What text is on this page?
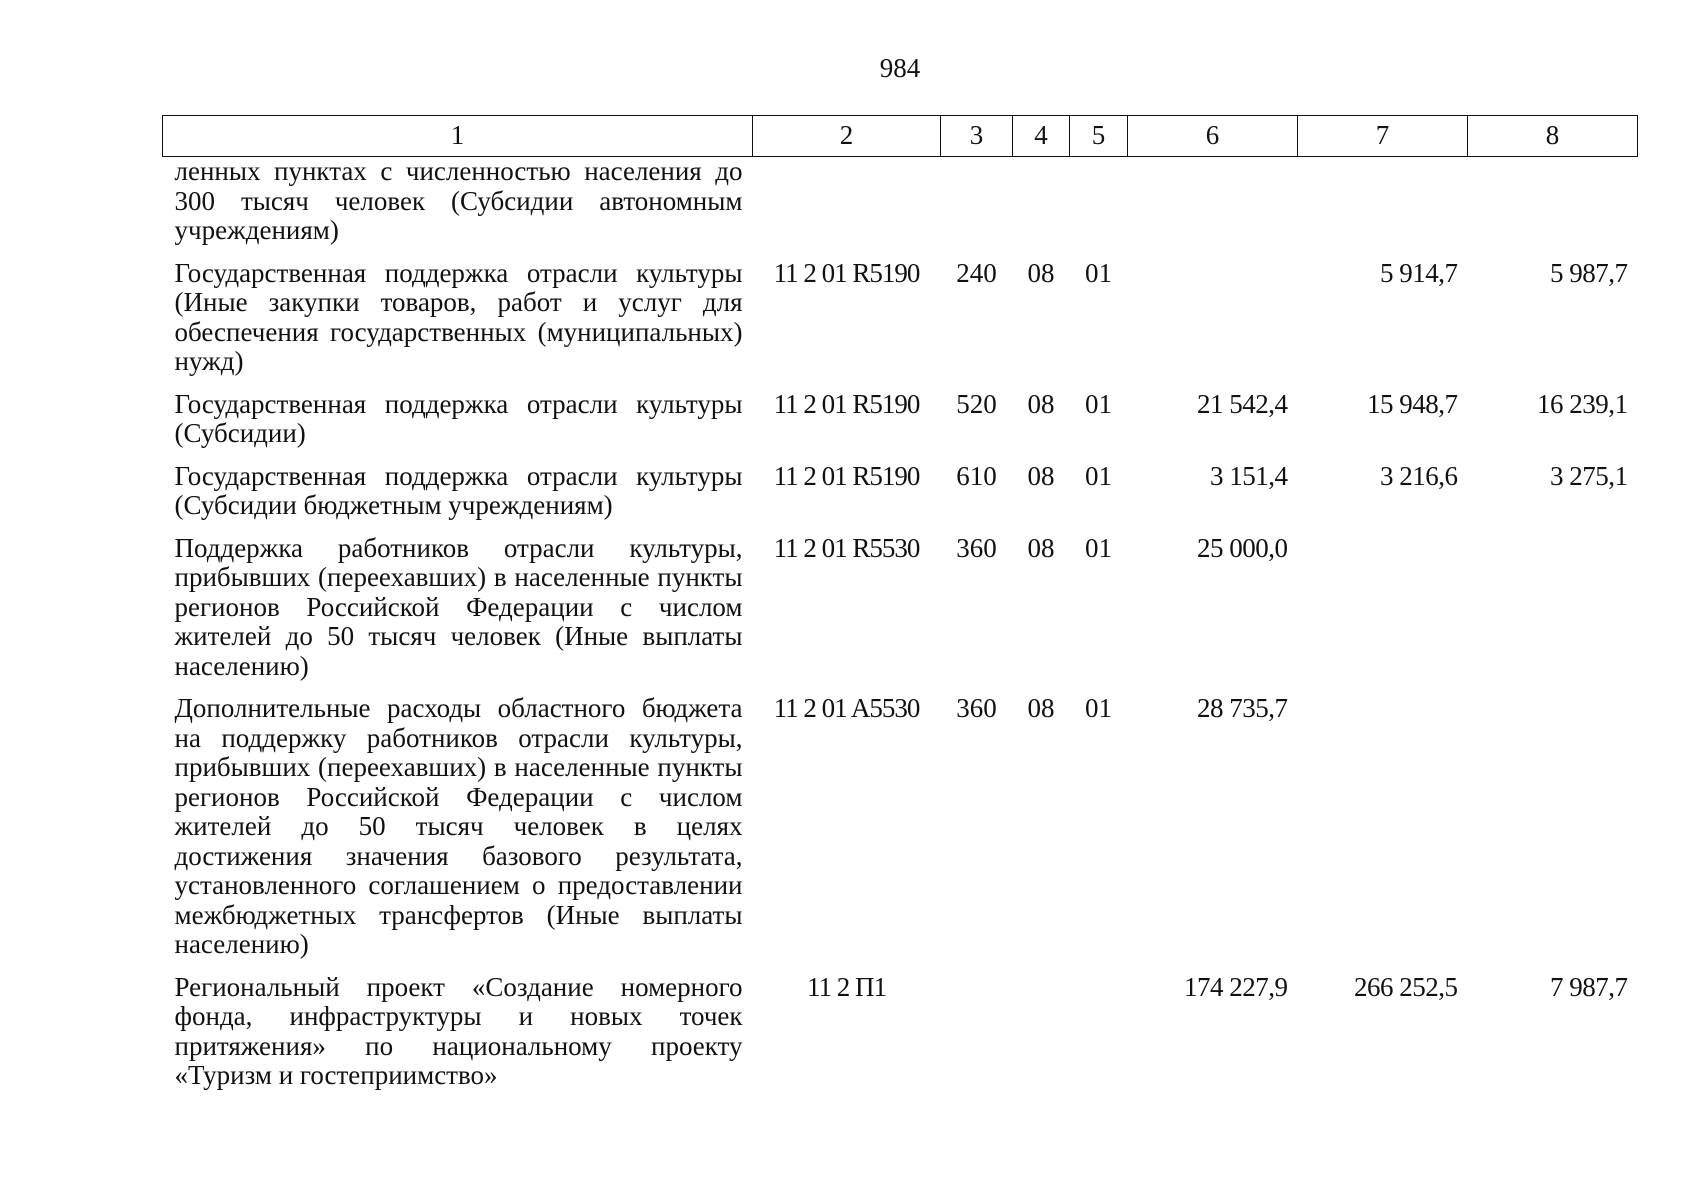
984
1	2	3	4	5	6	7	8
ленных пунктах с численностью населения до 300 тысяч человек (Субсидии автономным учреждениям)							
Государственная поддержка отрасли культуры (Иные закупки товаров, работ и услуг для обеспечения государственных (муниципальных) нужд)	11 2 01 R5190	240	08	01		5 914,7	5 987,7
Государственная поддержка отрасли культуры (Субсидии)	11 2 01 R5190	520	08	01	21 542,4	15 948,7	16 239,1
Государственная поддержка отрасли культуры (Субсидии бюджетным учреждениям)	11 2 01 R5190	610	08	01	3 151,4	3 216,6	3 275,1
Поддержка работников отрасли культуры, прибывших (переехавших) в населенные пункты регионов Российской Федерации с числом жителей до 50 тысяч человек (Иные выплаты населению)	11 2 01 R5530	360	08	01	25 000,0		
Дополнительные расходы областного бюджета на поддержку работников отрасли культуры, прибывших (переехавших) в населенные пункты регионов Российской Федерации с числом жителей до 50 тысяч человек в целях достижения значения базового результата, установленного соглашением о предоставлении межбюджетных трансфертов (Иные выплаты населению)	11 2 01 A5530	360	08	01	28 735,7		
Региональный проект «Создание номерного фонда, инфраструктуры и новых точек притяжения» по национальному проекту «Туризм и гостеприимство»	11 2 П1				174 227,9	266 252,5	7 987,7
